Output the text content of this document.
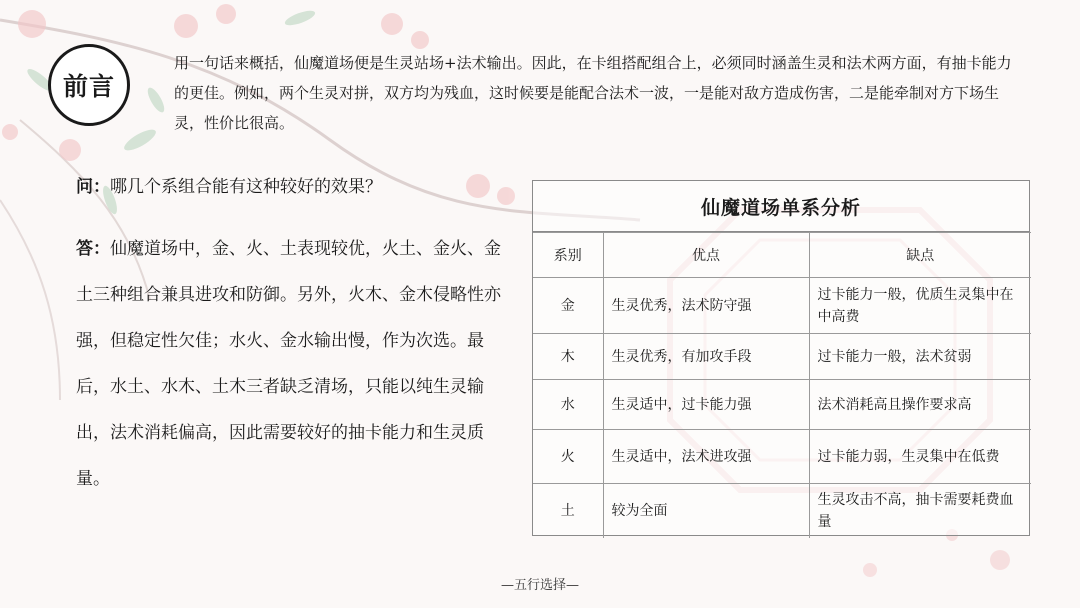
前言

用一句话来概括，仙魔道场便是生灵站场+法术输出。因此，在卡组搭配组合上，必须同时涵盖生灵和法术两方面，有抽卡能力的更佳。例如，两个生灵对拼，双方均为残血，这时候要是能配合法术一波，一是能对敌方造成伤害，二是能牵制对方下场生灵，性价比很高。

问：哪几个系组合能有这种较好的效果？

答：仙魔道场中，金、火、土表现较优，火土、金火、金土三种组合兼具进攻和防御。另外，火木、金木侵略性亦强，但稳定性欠佳；水火、金水输出慢，作为次选。最后，水土、水木、土木三者缺乏清场，只能以纯生灵输出，法术消耗偏高，因此需要较好的抽卡能力和生灵质量。

仙魔道场单系分析
系别	优点	缺点
金	生灵优秀，法术防守强	过卡能力一般，优质生灵集中在中高费
木	生灵优秀，有加攻手段	过卡能力一般，法术贫弱
水	生灵适中，过卡能力强	法术消耗高且操作要求高
火	生灵适中，法术进攻强	过卡能力弱，生灵集中在低费
土	较为全面	生灵攻击不高，抽卡需要耗费血量
—五行选择—
